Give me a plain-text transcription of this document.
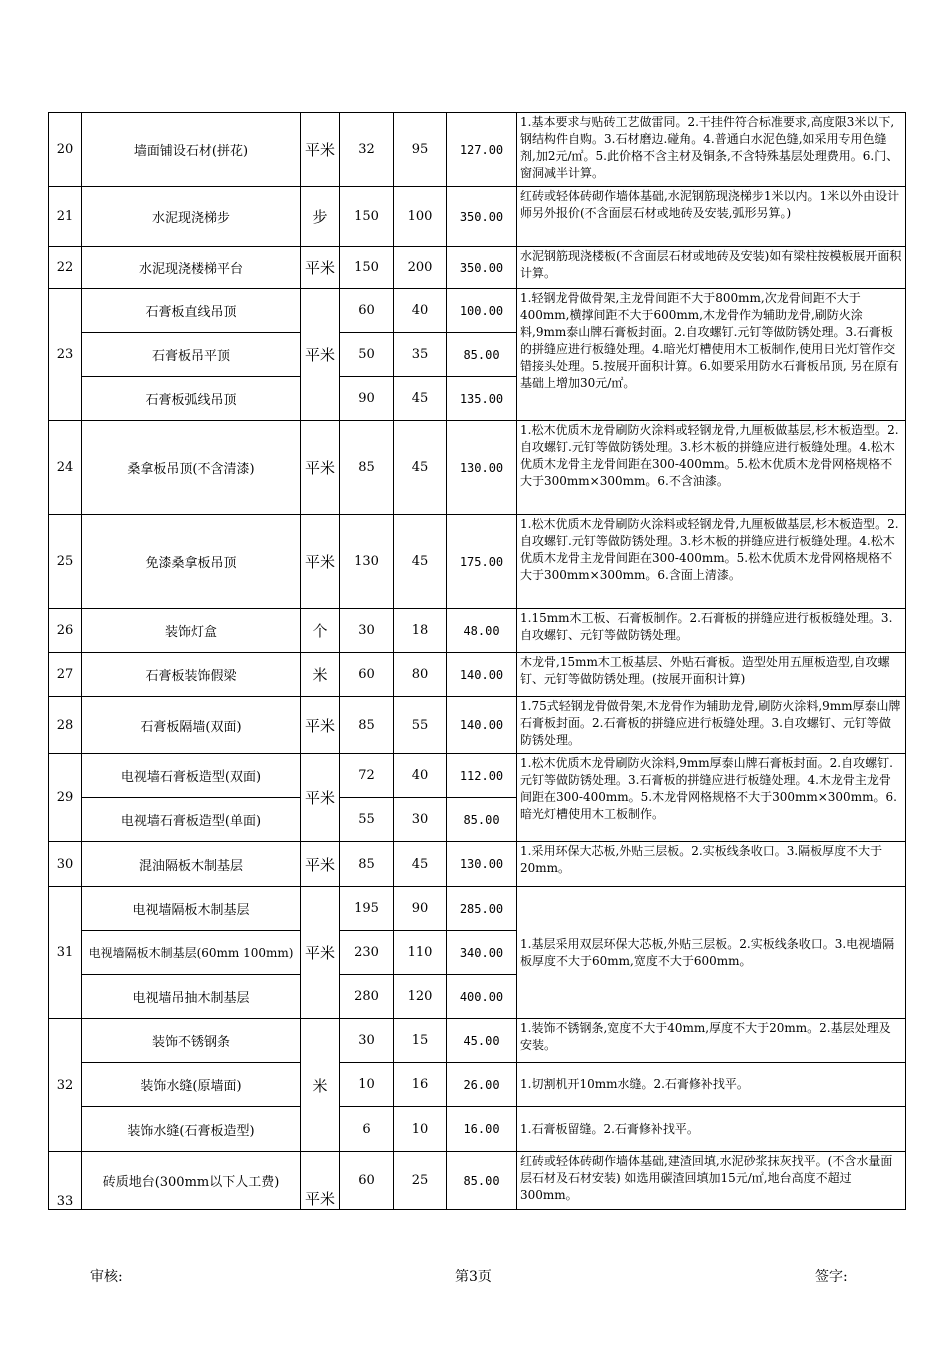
20	墙面铺设石材(拼花)	平米	32	95	127.00	1.基本要求与贴砖工艺做雷同。2.干挂件符合标准要求,高度限3米以下,钢结构件自购。3.石材磨边.碰角。4.普通白水泥色缝,如采用专用色缝剂,加2元/㎡。5.此价格不含主材及铜条,不含特殊基层处理费用。6.门、窗洞减半计算。
21	水泥现浇梯步	步	150	100	350.00	红砖或轻体砖砌作墙体基础,水泥钢筋现浇梯步1米以内。1米以外由设计师另外报价(不含面层石材或地砖及安装,弧形另算。)
22	水泥现浇楼梯平台	平米	150	200	350.00	水泥钢筋现浇楼板(不含面层石材或地砖及安装)如有梁柱按模板展开面积计算。
23	石膏板直线吊顶	平米	60	40	100.00	1.轻钢龙骨做骨架,主龙骨间距不大于800mm,次龙骨间距不大于400mm,横撑间距不大于600mm,木龙骨作为辅助龙骨,刷防火涂料,9mm泰山牌石膏板封面。2.自攻螺钉.元钉等做防锈处理。3.石膏板的拼缝应进行板缝处理。4.暗光灯槽使用木工板制作,使用日光灯管作交错接头处理。5.按展开面积计算。6.如要采用防水石膏板吊顶, 另在原有基础上增加30元/㎡。
	石膏板吊平顶		50	35	85.00	
	石膏板弧线吊顶		90	45	135.00	
24	桑拿板吊顶(不含清漆)	平米	85	45	130.00	1.松木优质木龙骨刷防火涂料或轻钢龙骨,九厘板做基层,杉木板造型。2.自攻螺钉.元钉等做防锈处理。3.杉木板的拼缝应进行板缝处理。4.松木优质木龙骨主龙骨间距在300-400mm。5.松木优质木龙骨网格规格不大于300mm×300mm。6.不含油漆。
25	免漆桑拿板吊顶	平米	130	45	175.00	1.松木优质木龙骨刷防火涂料或轻钢龙骨,九厘板做基层,杉木板造型。2.自攻螺钉.元钉等做防锈处理。3.杉木板的拼缝应进行板缝处理。4.松木优质木龙骨主龙骨间距在300-400mm。5.松木优质木龙骨网格规格不大于300mm×300mm。6.含面上清漆。
26	装饰灯盒	个	30	18	48.00	1.15mm木工板、石膏板制作。2.石膏板的拼缝应进行板板缝处理。3.自攻螺钉、元钉等做防锈处理。
27	石膏板装饰假梁	米	60	80	140.00	木龙骨,15mm木工板基层、外贴石膏板。造型处用五厘板造型,自攻螺钉、元钉等做防锈处理。(按展开面积计算)
28	石膏板隔墙(双面)	平米	85	55	140.00	1.75式轻钢龙骨做骨架,木龙骨作为辅助龙骨,刷防火涂料,9mm厚泰山牌石膏板封面。2.石膏板的拼缝应进行板缝处理。3.自攻螺钉、元钉等做防锈处理。
29	电视墙石膏板造型(双面)	平米	72	40	112.00	1.松木优质木龙骨刷防火涂料,9mm厚泰山牌石膏板封面。2.自攻螺钉.元钉等做防锈处理。3.石膏板的拼缝应进行板缝处理。4.木龙骨主龙骨间距在300-400mm。5.木龙骨网格规格不大于300mm×300mm。6.暗光灯槽使用木工板制作。
	电视墙石膏板造型(单面)		55	30	85.00	
30	混油隔板木制基层	平米	85	45	130.00	1.采用环保大芯板,外贴三层板。2.实板线条收口。3.隔板厚度不大于20mm。
31	电视墙隔板木制基层	平米	195	90	285.00	1.基层采用双层环保大芯板,外贴三层板。2.实板线条收口。3.电视墙隔板厚度不大于60mm,宽度不大于600mm。
	电视墙隔板木制基层(60mm 100mm)		230	110	340.00	
	电视墙吊抽木制基层		280	120	400.00	
32	装饰不锈钢条	米	30	15	45.00	1.装饰不锈钢条,宽度不大于40mm,厚度不大于20mm。2.基层处理及安装。
	装饰水缝(原墙面)		10	16	26.00	1.切割机开10mm水缝。2.石膏修补找平。
	装饰水缝(石膏板造型)		6	10	16.00	1.石膏板留缝。2.石膏修补找平。
33	砖质地台(300mm以下人工费)	平米	60	25	85.00	红砖或轻体砖砌作墙体基础,建渣回填,水泥砂浆抹灰找平。(不含水量面层石材及石材安装) 如选用碳渣回填加15元/㎡,地台高度不超过300mm。
审核:	第3页	签字:
